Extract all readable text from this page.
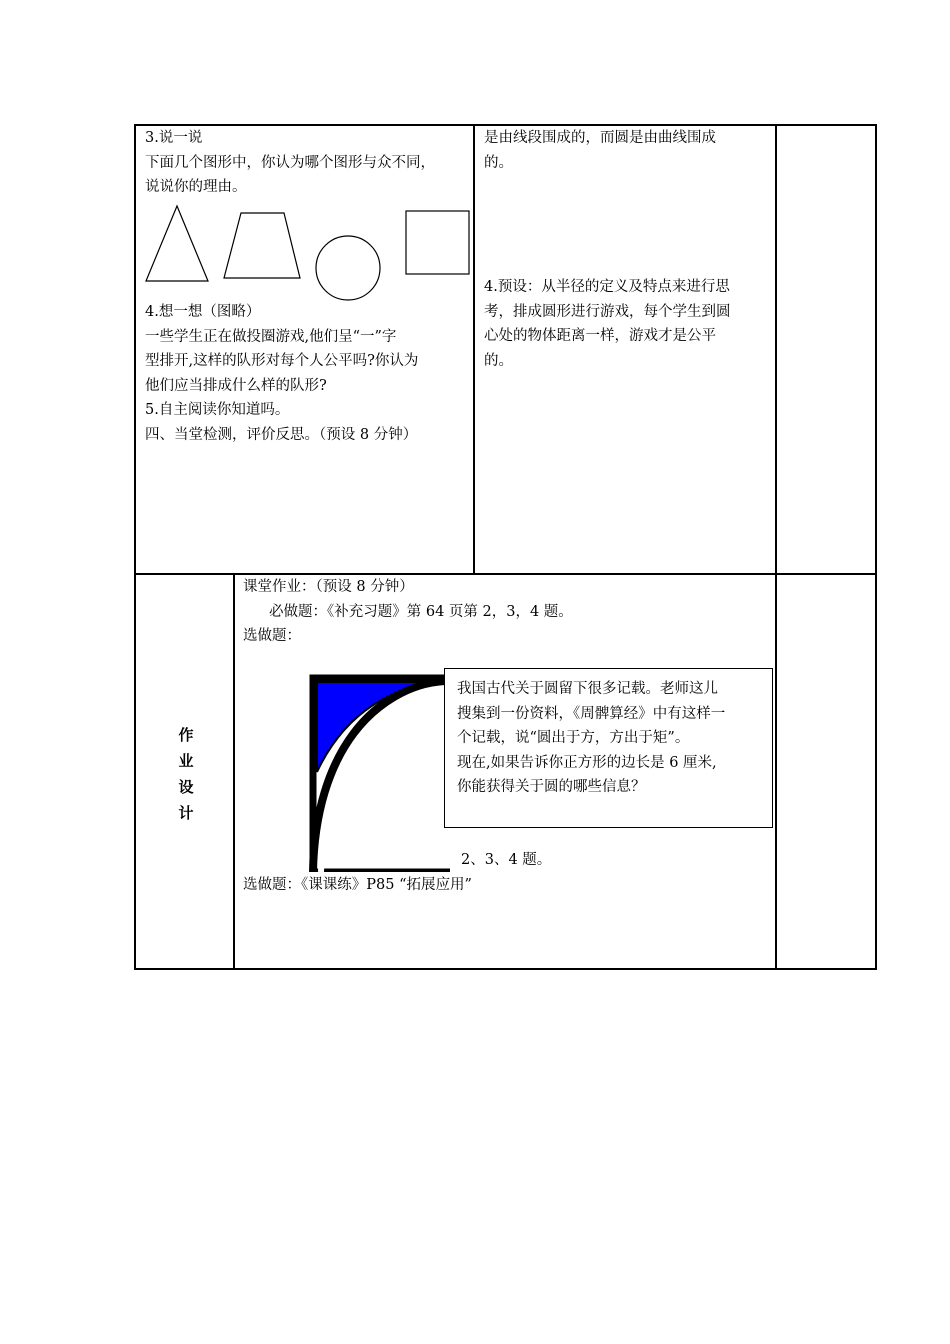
3.说一说

下面几个图形中，你认为哪个图形与众不同，

说说你的理由。

4.想一想（图略）

一些学生正在做投圈游戏,他们呈“一”字

型排开,这样的队形对每个人公平吗?你认为

他们应当排成什么样的队形?

5.自主阅读你知道吗。

四、当堂检测，评价反思。（预设 8 分钟）

是由线段围成的，而圆是由曲线围成

的。

4.预设：从半径的定义及特点来进行思

考，排成圆形进行游戏，每个学生到圆

心处的物体距离一样，游戏才是公平

的。

作
业
设
计

课堂作业：（预设 8 分钟）

必做题：《补充习题》第 64 页第 2，3，4 题。

选做题：

我国古代关于圆留下很多记载。老师这儿

搜集到一份资料，《周髀算经》中有这样一

个记载，说“圆出于方，方出于矩”。

现在,如果告诉你正方形的边长是 6 厘米,

你能获得关于圆的哪些信息？

2、3、4 题。
选做题：《课课练》P85 “拓展应用”
